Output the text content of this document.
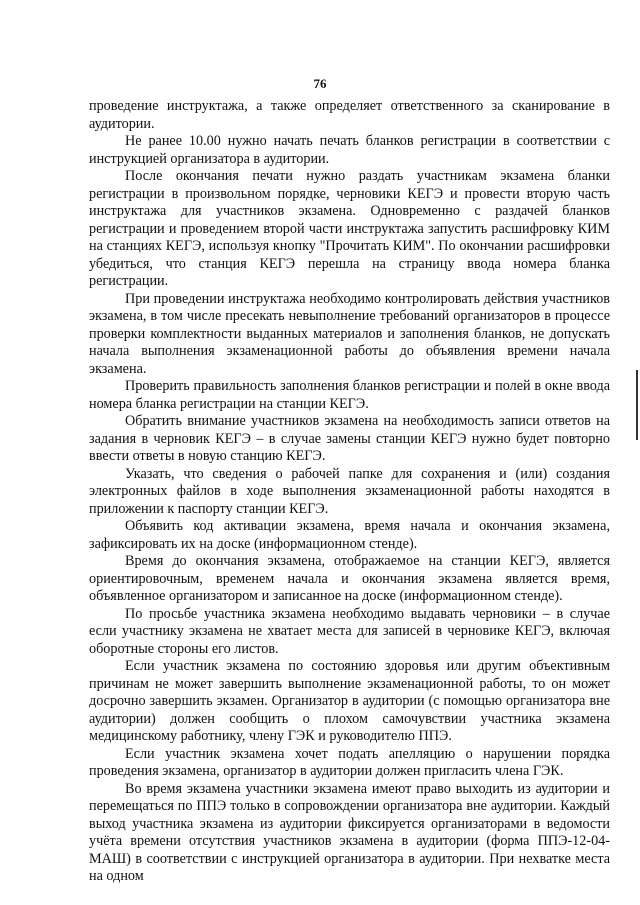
76

проведение инструктажа, а также определяет ответственного за сканирование в аудитории.

Не ранее 10.00 нужно начать печать бланков регистрации в соответствии с инструкцией организатора в аудитории.

После окончания печати нужно раздать участникам экзамена бланки регистрации в произвольном порядке, черновики КЕГЭ и провести вторую часть инструктажа для участников экзамена. Одновременно с раздачей бланков регистрации и проведением второй части инструктажа запустить расшифровку КИМ на станциях КЕГЭ, используя кнопку "Прочитать КИМ". По окончании расшифровки убедиться, что станция КЕГЭ перешла на страницу ввода номера бланка регистрации.

При проведении инструктажа необходимо контролировать действия участников экзамена, в том числе пресекать невыполнение требований организаторов в процессе проверки комплектности выданных материалов и заполнения бланков, не допускать начала выполнения экзаменационной работы до объявления времени начала экзамена.

Проверить правильность заполнения бланков регистрации и полей в окне ввода номера бланка регистрации на станции КЕГЭ.

Обратить внимание участников экзамена на необходимость записи ответов на задания в черновик КЕГЭ – в случае замены станции КЕГЭ нужно будет повторно ввести ответы в новую станцию КЕГЭ.

Указать, что сведения о рабочей папке для сохранения и (или) создания электронных файлов в ходе выполнения экзаменационной работы находятся в приложении к паспорту станции КЕГЭ.

Объявить код активации экзамена, время начала и окончания экзамена, зафиксировать их на доске (информационном стенде).

Время до окончания экзамена, отображаемое на станции КЕГЭ, является ориентировочным, временем начала и окончания экзамена является время, объявленное организатором и записанное на доске (информационном стенде).

По просьбе участника экзамена необходимо выдавать черновики – в случае если участнику экзамена не хватает места для записей в черновике КЕГЭ, включая оборотные стороны его листов.

Если участник экзамена по состоянию здоровья или другим объективным причинам не может завершить выполнение экзаменационной работы, то он может досрочно завершить экзамен. Организатор в аудитории (с помощью организатора вне аудитории) должен сообщить о плохом самочувствии участника экзамена медицинскому работнику, члену ГЭК и руководителю ППЭ.

Если участник экзамена хочет подать апелляцию о нарушении порядка проведения экзамена, организатор в аудитории должен пригласить члена ГЭК.

Во время экзамена участники экзамена имеют право выходить из аудитории и перемещаться по ППЭ только в сопровождении организатора вне аудитории. Каждый выход участника экзамена из аудитории фиксируется организаторами в ведомости учёта времени отсутствия участников экзамена в аудитории (форма ППЭ-12-04-МАШ) в соответствии с инструкцией организатора в аудитории. При нехватке места на одном
